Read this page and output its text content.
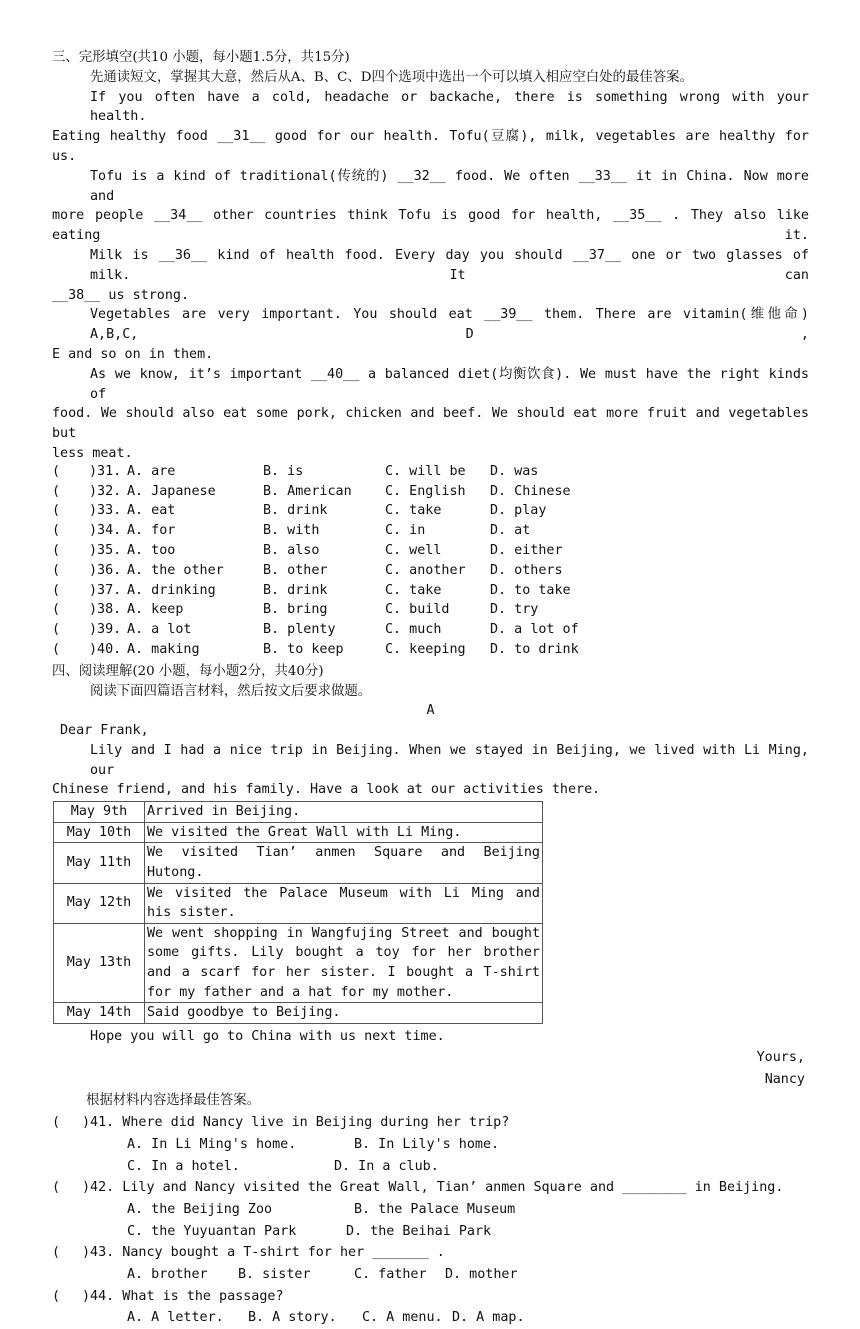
三、完形填空(共10 小题，每小题1.5分，共15分)
先通读短文，掌握其大意，然后从A、B、C、D四个选项中选出一个可以填入相应空白处的最佳答案。
If you often have a cold, headache or backache, there is something wrong with your health.
Eating healthy food __31__ good for our health. Tofu(豆腐), milk, vegetables are healthy for us.
Tofu is a kind of traditional(传统的) __32__ food. We often __33__ it in China. Now more and
more people __34__ other countries think Tofu is good for health, __35__ . They also like eating it.
Milk is __36__ kind of health food. Every day you should __37__ one or two glasses of milk. It can
__38__ us strong.
Vegetables are very important. You should eat __39__ them. There are vitamin(维他命) A,B,C, D ,
E and so on in them.
As we know, it’s important __40__ a balanced diet(均衡饮食). We must have the right kinds of
food. We should also eat some pork, chicken and beef. We should eat more fruit and vegetables but
less meat.
(
)31. A. are	B. is	C. will be D. was
(
)32. A. Japanese	B. American C. English D. Chinese
(
)33. A. eat	B. drink	C. take	D. play
(
)34. A. for	B. with	C. in	D. at
(
)35. A. too	B. also	C. well	D. either
(
)36. A. the other	B. other	C. another D. others
(
)37. A. drinking	B. drink	C. take	D. to take
(
)38. A. keep	B. bring	C. build	D. try
(
)39. A. a lot	B. plenty	C. much	D. a lot of
(
)40. A. making	B. to keep	C. keeping D. to drink
四、阅读理解(20 小题，每小题2分，共40分)
阅读下面四篇语言材料，然后按文后要求做题。
A
Dear Frank,
Lily and I had a nice trip in Beijing. When we stayed in Beijing, we lived with Li Ming, our
Chinese friend, and his family. Have a look at our activities there.
May 9th	Arrived in Beijing.
May 10th	We visited the Great Wall with Li Ming.
May 11th	We visited Tian’ anmen Square and Beijing Hutong.
May 12th	We visited the Palace Museum with Li Ming and his sister.
May 13th	We went shopping in Wangfujing Street and bought some gifts. Lily bought a toy for her brother and a scarf for her sister. I bought a T-shirt for my father and a hat for my mother.
May 14th	Said goodbye to Beijing.
Hope you will go to China with us next time.
Yours,
Nancy
根据材料内容选择最佳答案。
(
)41. Where did Nancy live in Beijing during her trip?
A. In Li Ming's home.	B. In Lily's home.
C. In a hotel.	D. In a club.
(
)42. Lily and Nancy visited the Great Wall, Tian’ anmen Square and ________ in Beijing.
A. the Beijing Zoo	B. the Palace Museum
C. the Yuyuantan Park	D. the Beihai Park
(
)43. Nancy bought a T-shirt for her _______ .
A. brother B. sister	C. father D. mother
(
)44. What is the passage?
A. A letter. B. A story. C. A menu. D. A map.
